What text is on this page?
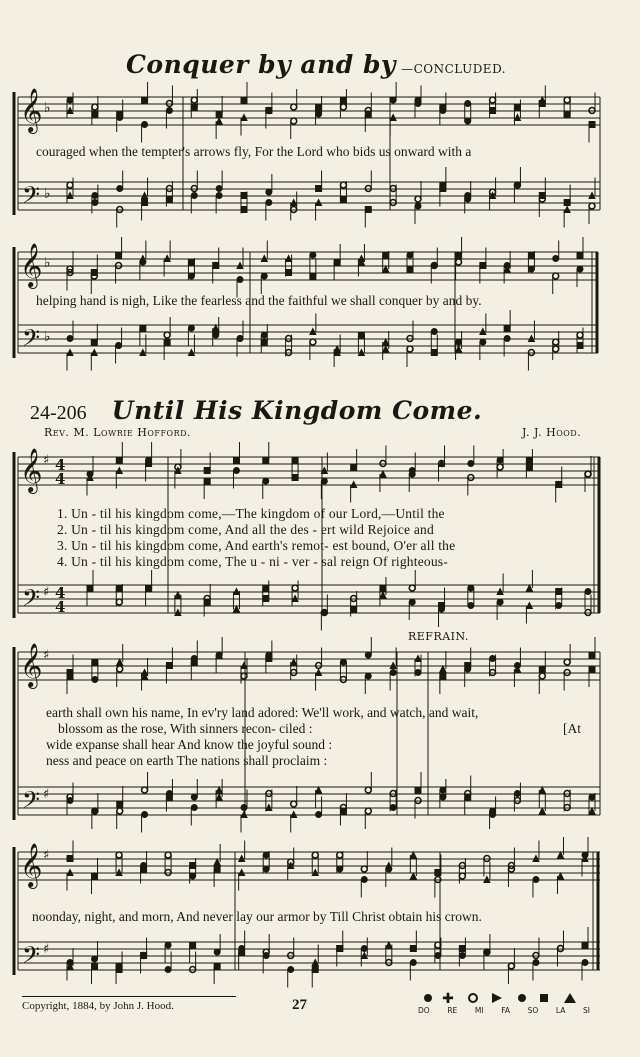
Conquer by and by —CONCLUDED.
𝄞
𝄢
𝄞
𝄢
𝄞
𝄢
𝄞
𝄢
𝄞
𝄢
♭
♭
♭
♭
♯
♯
♯
♯
♯
♯
4
4
4
4
couraged when the tempter's arrows fly, For the Lord who bids us onward with a
helping hand is nigh, Like the fearless and the faithful we shall conquer by and by.
24-206 Until His Kingdom Come.
Rev. M. Lowrie Hofford.	J. J. Hood.
1. Un - til his kingdom come,—The kingdom of our Lord,—Until the
2. Un - til his kingdom come, And all the des - ert wild Rejoice and
3. Un - til his kingdom come, And earth's remot- est bound, O'er all the
4. Un - til his kingdom come, The u - ni - ver - sal reign Of righteous-
REFRAIN.
earth shall own his name, In ev'ry land adored: We'll work, and watch, and wait,
blossom as the rose, With sinners recon- ciled :	[At
wide expanse shall hear And know the joyful sound :
ness and peace on earth The nations shall proclaim :
noonday, night, and morn, And never lay our armor by Till Christ obtain his crown.
Copyright, 1884, by John J. Hood.	27	✚
DO RE MI FA SO LA SI
